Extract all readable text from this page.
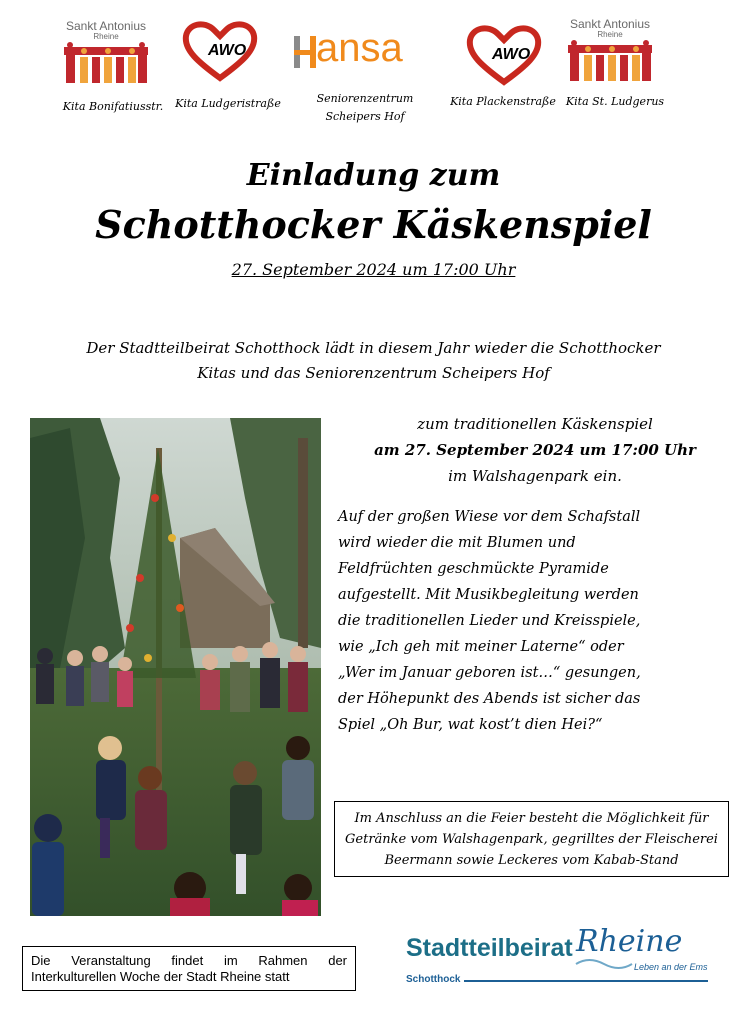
Sankt Antonius
Rheine
Kita Bonifatiusstr.
AWO
Kita Ludgeristraße
ansa
Seniorenzentrum
Scheipers Hof
AWO
Kita Plackenstraße
Sankt Antonius
Rheine
Kita St. Ludgerus
Einladung zum
Schotthocker Käskenspiel
27. September 2024 um 17:00 Uhr
Der Stadtteilbeirat Schotthock lädt in diesem Jahr wieder die Schotthocker
Kitas und das Seniorenzentrum Scheipers Hof
zum traditionellen Käskenspiel
am 27. September 2024 um 17:00 Uhr
im Walshagenpark ein.
Auf der großen Wiese vor dem Schafstall
wird wieder die mit Blumen und
Feldfrüchten geschmückte Pyramide
aufgestellt. Mit Musikbegleitung werden
die traditionellen Lieder und Kreisspiele,
wie „Ich geh mit meiner Laterne“ oder
„Wer im Januar geboren ist…“ gesungen,
der Höhepunkt des Abends ist sicher das
Spiel „Oh Bur, wat kost’t dien Hei?“
Im Anschluss an die Feier besteht die Möglichkeit für
Getränke vom Walshagenpark, gegrilltes der Fleischerei
Beermann sowie Leckeres vom Kabab-Stand
Die Veranstaltung findet im Rahmen der
Interkulturellen Woche der Stadt Rheine statt
Stadtteilbeirat Rheine
Leben an der Ems
Schotthock
